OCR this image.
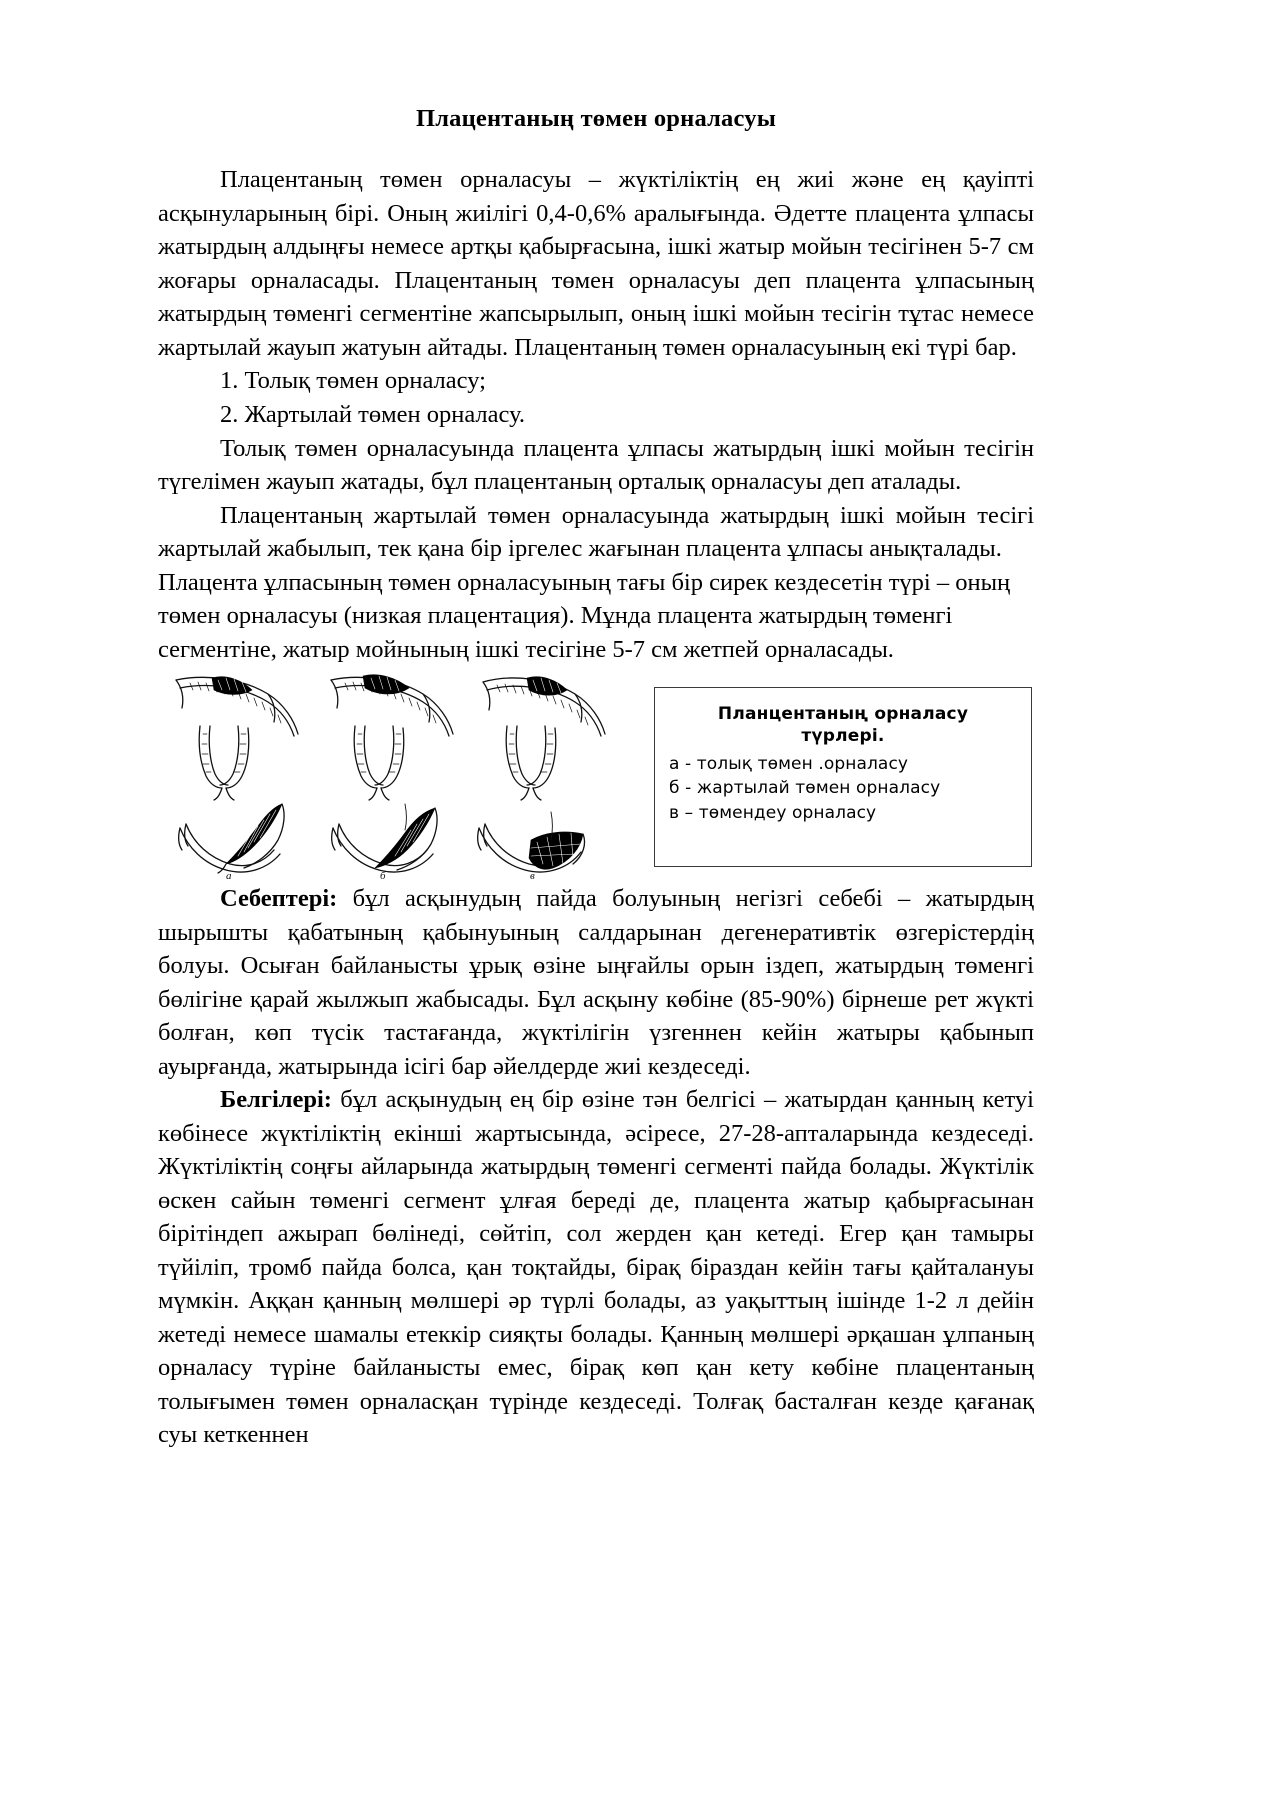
Плацентаның төмен орналасуы

Плацентаның төмен орналасуы – жүктіліктің ең жиі және ең қауіпті асқынуларының бірі. Оның жиілігі 0,4-0,6% аралығында. Әдетте плацента ұлпасы жатырдың алдыңғы немесе артқы қабырғасына, ішкі жатыр мойын тесігінен 5-7 см жоғары орналасады. Плацентаның төмен орналасуы деп плацента ұлпасының жатырдың төменгі сегментіне жапсырылып, оның ішкі мойын тесігін тұтас немесе жартылай жауып жатуын айтады. Плацентаның төмен орналасуының екі түрі бар.

1. Толық төмен орналасу;

2. Жартылай төмен орналасу.

Толық төмен орналасуында плацента ұлпасы жатырдың ішкі мойын тесігін түгелімен жауып жатады, бұл плацентаның орталық орналасуы деп аталады.

Плацентаның жартылай төмен орналасуында жатырдың ішкі мойын тесігі жартылай жабылып, тек қана бір іргелес жағынан плацента ұлпасы анықталады.

Плацента ұлпасының төмен орналасуының тағы бір сирек кездесетін түрі – оның төмен орналасуы (низкая плацентация). Мұнда плацента жатырдың төменгі сегментіне, жатыр мойнының ішкі тесігіне 5-7 см жетпей орналасады.

а	б	в
Планцентаның орналасу
түрлері.

а - толық төмен .орналасу

б - жартылай төмен орналасу

в – төмендеу орналасу

Себептері: бұл асқынудың пайда болуының негізгі себебі – жатырдың шырышты қабатының қабынуының салдарынан дегенеративтік өзгерістердің болуы. Осыған байланысты ұрық өзіне ыңғайлы орын іздеп, жатырдың төменгі бөлігіне қарай жылжып жабысады. Бұл асқыну көбіне (85-90%) бірнеше рет жүкті болған, көп түсік тастағанда, жүктілігін үзгеннен кейін жатыры қабынып ауырғанда, жатырында ісігі бар әйелдерде жиі кездеседі.

Белгілері: бұл асқынудың ең бір өзіне тән белгісі – жатырдан қанның кетуі көбінесе жүктіліктің екінші жартысында, әсіресе, 27-28-апталарында кездеседі. Жүктіліктің соңғы айларында жатырдың төменгі сегменті пайда болады. Жүктілік өскен сайын төменгі сегмент ұлғая береді де, плацента жатыр қабырғасынан бірітіндеп ажырап бөлінеді, сөйтіп, сол жерден қан кетеді. Егер қан тамыры түйіліп, тромб пайда болса, қан тоқтайды, бірақ біраздан кейін тағы қайталануы мүмкін. Аққан қанның мөлшері әр түрлі болады, аз уақыттың ішінде 1-2 л дейін жетеді немесе шамалы етеккір сияқты болады. Қанның мөлшері әрқашан ұлпаның орналасу түріне байланысты емес, бірақ көп қан кету көбіне плацентаның толығымен төмен орналасқан түрінде кездеседі. Толғақ басталған кезде қағанақ суы кеткеннен
